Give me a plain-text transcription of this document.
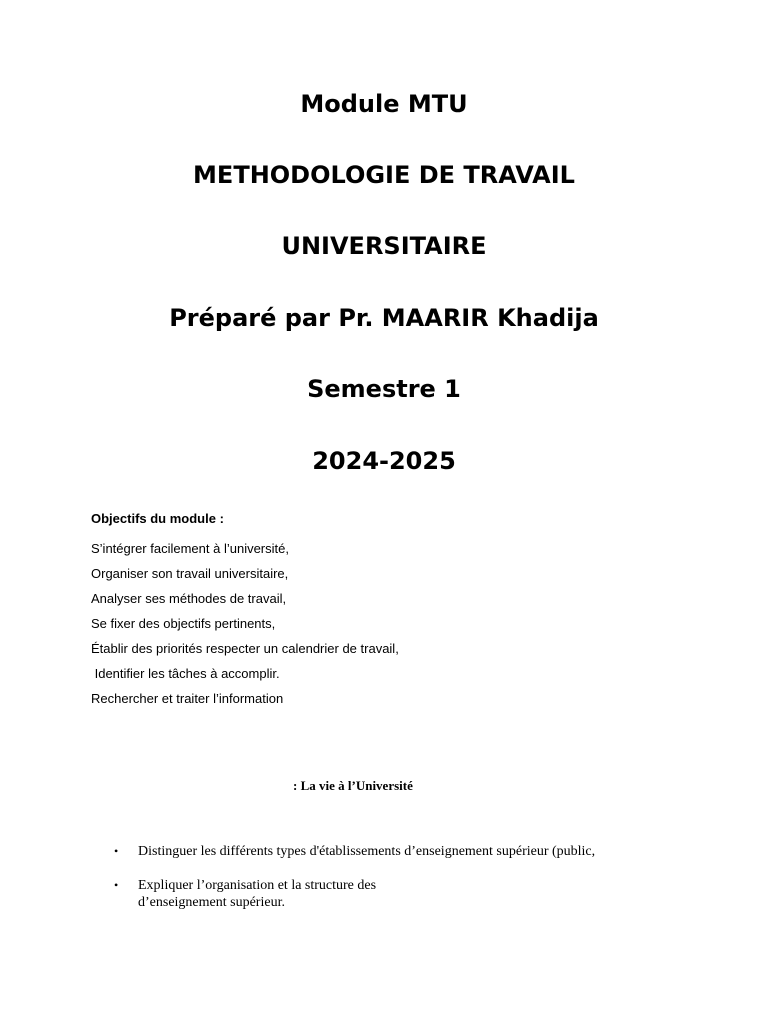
Module MTU
METHODOLOGIE DE TRAVAIL
UNIVERSITAIRE
Préparé par Pr. MAARIR Khadija
Semestre 1
2024-2025

Objectifs du module :

S’intégrer facilement à l’université,
Organiser son travail universitaire,
Analyser ses méthodes de travail,
Se fixer des objectifs pertinents,
Établir des priorités respecter un calendrier de travail,
Identifier les tâches à accomplir.
Rechercher et traiter l’information

: La vie à l’Université

• Distinguer les différents types d'établissements d’enseignement supérieur (public,
• Expliquer l’organisation et la structure des d’enseignement supérieur.
